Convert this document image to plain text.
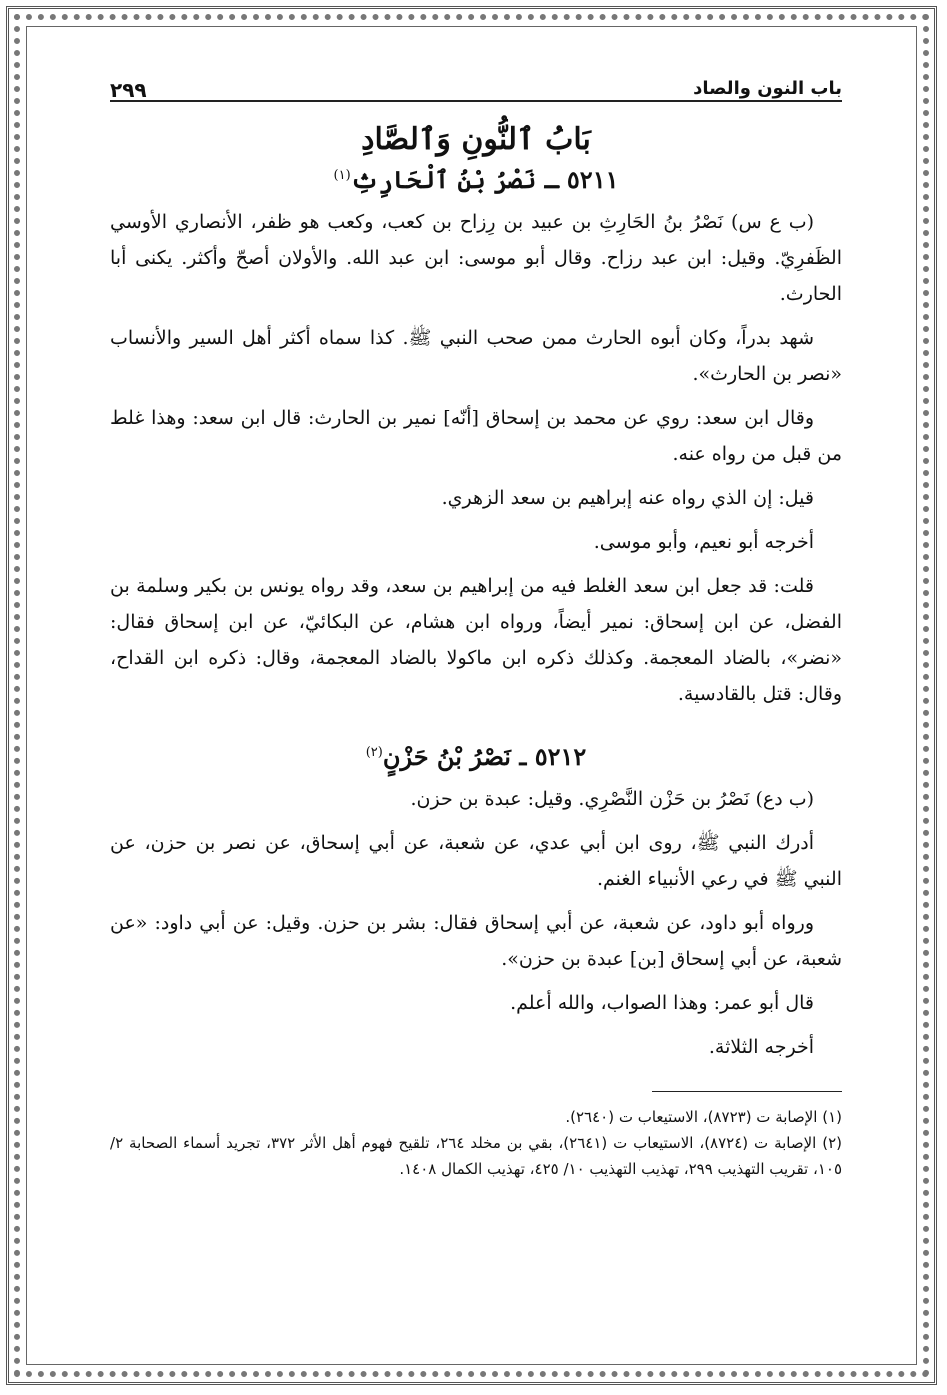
باب النون والصاد
٢٩٩
بَابُ ٱلنُّونِ وَٱلصَّادِ
٥٢١١ ـ نَصْرُ بْنُ ٱلْحَارِثِ$^{(١)}$

(ب ع س) نَصْرُ بنُ الحَارِثِ بن عبيد بن رِزاح بن كعب، وكعب هو ظفر، الأنصاري الأوسي الظَفرِيّ. وقيل: ابن عبد رزاح. وقال أبو موسى: ابن عبد الله. والأولان أصحّ وأكثر. يكنى أبا الحارث.

شهد بدراً، وكان أبوه الحارث ممن صحب النبي ﷺ. كذا سماه أكثر أهل السير والأنساب «نصر بن الحارث».

وقال ابن سعد: روي عن محمد بن إسحاق [أنّه] نمير بن الحارث: قال ابن سعد: وهذا غلط من قبل من رواه عنه.

قيل: إن الذي رواه عنه إبراهيم بن سعد الزهري.

أخرجه أبو نعيم، وأبو موسى.

قلت: قد جعل ابن سعد الغلط فيه من إبراهيم بن سعد، وقد رواه يونس بن بكير وسلمة بن الفضل، عن ابن إسحاق: نمير أيضاً، ورواه ابن هشام، عن البكائيّ، عن ابن إسحاق فقال: «نضر»، بالضاد المعجمة. وكذلك ذكره ابن ماكولا بالضاد المعجمة، وقال: ذكره ابن القداح، وقال: قتل بالقادسية.

٥٢١٢ ـ نَصْرُ بْنُ حَزْنٍ$^{(٢)}$

(ب دع) نَصْرُ بن حَزْن النَّصْرِي. وقيل: عبدة بن حزن.

أدرك النبي ﷺ، روى ابن أبي عدي، عن شعبة، عن أبي إسحاق، عن نصر بن حزن، عن النبي ﷺ في رعي الأنبياء الغنم.

ورواه أبو داود، عن شعبة، عن أبي إسحاق فقال: بشر بن حزن. وقيل: عن أبي داود: «عن شعبة، عن أبي إسحاق [بن] عبدة بن حزن».

قال أبو عمر: وهذا الصواب، والله أعلم.

أخرجه الثلاثة.

(١) الإصابة ت (٨٧٢٣)، الاستيعاب ت (٢٦٤٠).

(٢) الإصابة ت (٨٧٢٤)، الاستيعاب ت (٢٦٤١)، بقي بن مخلد ٢٦٤، تلقيح فهوم أهل الأثر ٣٧٢، تجريد أسماء الصحابة ٢/ ١٠٥، تقريب التهذيب ٢٩٩، تهذيب التهذيب ١٠/ ٤٢٥، تهذيب الكمال ١٤٠٨.
